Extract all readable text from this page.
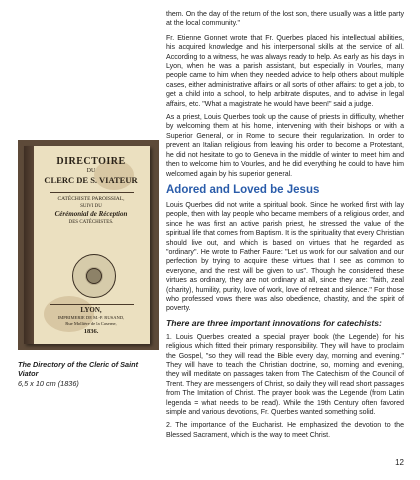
DIRECTOIRE
DU
CLERC DE S. VIATEUR
CATÉCHISTE PAROISSIAL,
SUIVI DU
Cérémonial de Réception
DES CATÉCHISTES.
LYON,
IMPRIMERIE DE M.-P. RUSAND,
Rue Mollière de la Caserne,
1836.
The Directory of the Cleric of Saint Viator
6,5 x 10 cm (1836)

them. On the day of the return of the lost son, there usually was a little party at the local community."

Fr. Etienne Gonnet wrote that Fr. Querbes placed his intellectual abilities, his acquired knowledge and his interpersonal skills at the service of all. According to a witness, he was always ready to help. As early as his days in Lyon, when he was a parish assistant, but especially in Vourles, many people came to him when they needed advice to help others about multiple cases, either administrative affairs or all sorts of other affairs: to get a job, to get a child into a school, to help arbitrate disputes, and to advise in legal affairs, etc. "What a magistrate he would have been!" said a judge.

As a priest, Louis Querbes took up the cause of priests in difficulty, whether by welcoming them at his home, intervening with their bishops or with a Superior General, or in Rome to secure their regularization. In order to prevent an Italian religious from leaving his order to become a Protestant, he did not hesitate to go to Geneva in the middle of winter to meet him and then to welcome him to Vourles, and he did everything he could to have him welcomed again by his superior general.

Adored and Loved be Jesus

Louis Querbes did not write a spiritual book. Since he worked first with lay people, then with lay people who became members of a religious order, and since he was first an active parish priest, he stressed the value of the spiritual life that comes from Baptism. It is the spirituality that every Christian should live out, and which is based on virtues that he regarded as "ordinary". He wrote to Father Faure: "Let us work for our salvation and our perfection by trying to acquire these virtues that I see as common to everyone, and the rest will be given to us". Though he considered these virtues as ordinary, they are not ordinary at all, since they are: "faith, zeal (charity), humility, purity, love of work, love of retreat and silence." For those who professed vows there was also obedience, chastity, and the spirit of poverty.

There are three important innovations for catechists:

1. Louis Querbes created a special prayer book (the Legende) for his religious which fitted their primary responsibility. They will have to proclaim the Gospel, "so they will read the Bible every day, morning and evening." They will have to teach the Christian doctrine, so, morning and evening, they will meditate on passages taken from The Catechism of the Council of Trent. They are messengers of Christ, so daily they will read short passages from The Imitation of Christ. The prayer book was the Legende (from Latin legenda = what needs to be read). While the 19th Century often favored simple and various devotions, Fr. Querbes wanted something solid.

2. The importance of the Eucharist. He emphasized the devotion to the Blessed Sacrament, which is the way to meet Christ.

12
